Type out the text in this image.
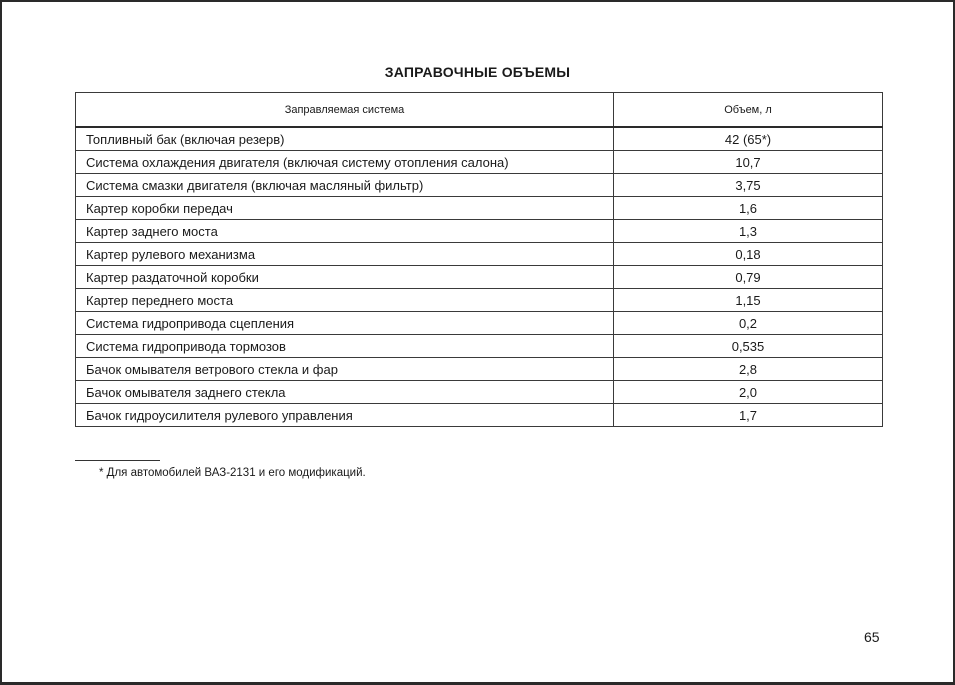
ЗАПРАВОЧНЫЕ ОБЪЕМЫ
Заправляемая система	Объем, л
Топливный бак (включая резерв)	42 (65*)
Система охлаждения двигателя (включая систему отопления салона)	10,7
Система смазки двигателя (включая масляный фильтр)	3,75
Картер коробки передач	1,6
Картер заднего моста	1,3
Картер рулевого механизма	0,18
Картер раздаточной коробки	0,79
Картер переднего моста	1,15
Система гидропривода сцепления	0,2
Система гидропривода тормозов	0,535
Бачок омывателя ветрового стекла и фар	2,8
Бачок омывателя заднего стекла	2,0
Бачок гидроусилителя рулевого управления	1,7
* Для автомобилей ВАЗ-2131 и его модификаций.
65
